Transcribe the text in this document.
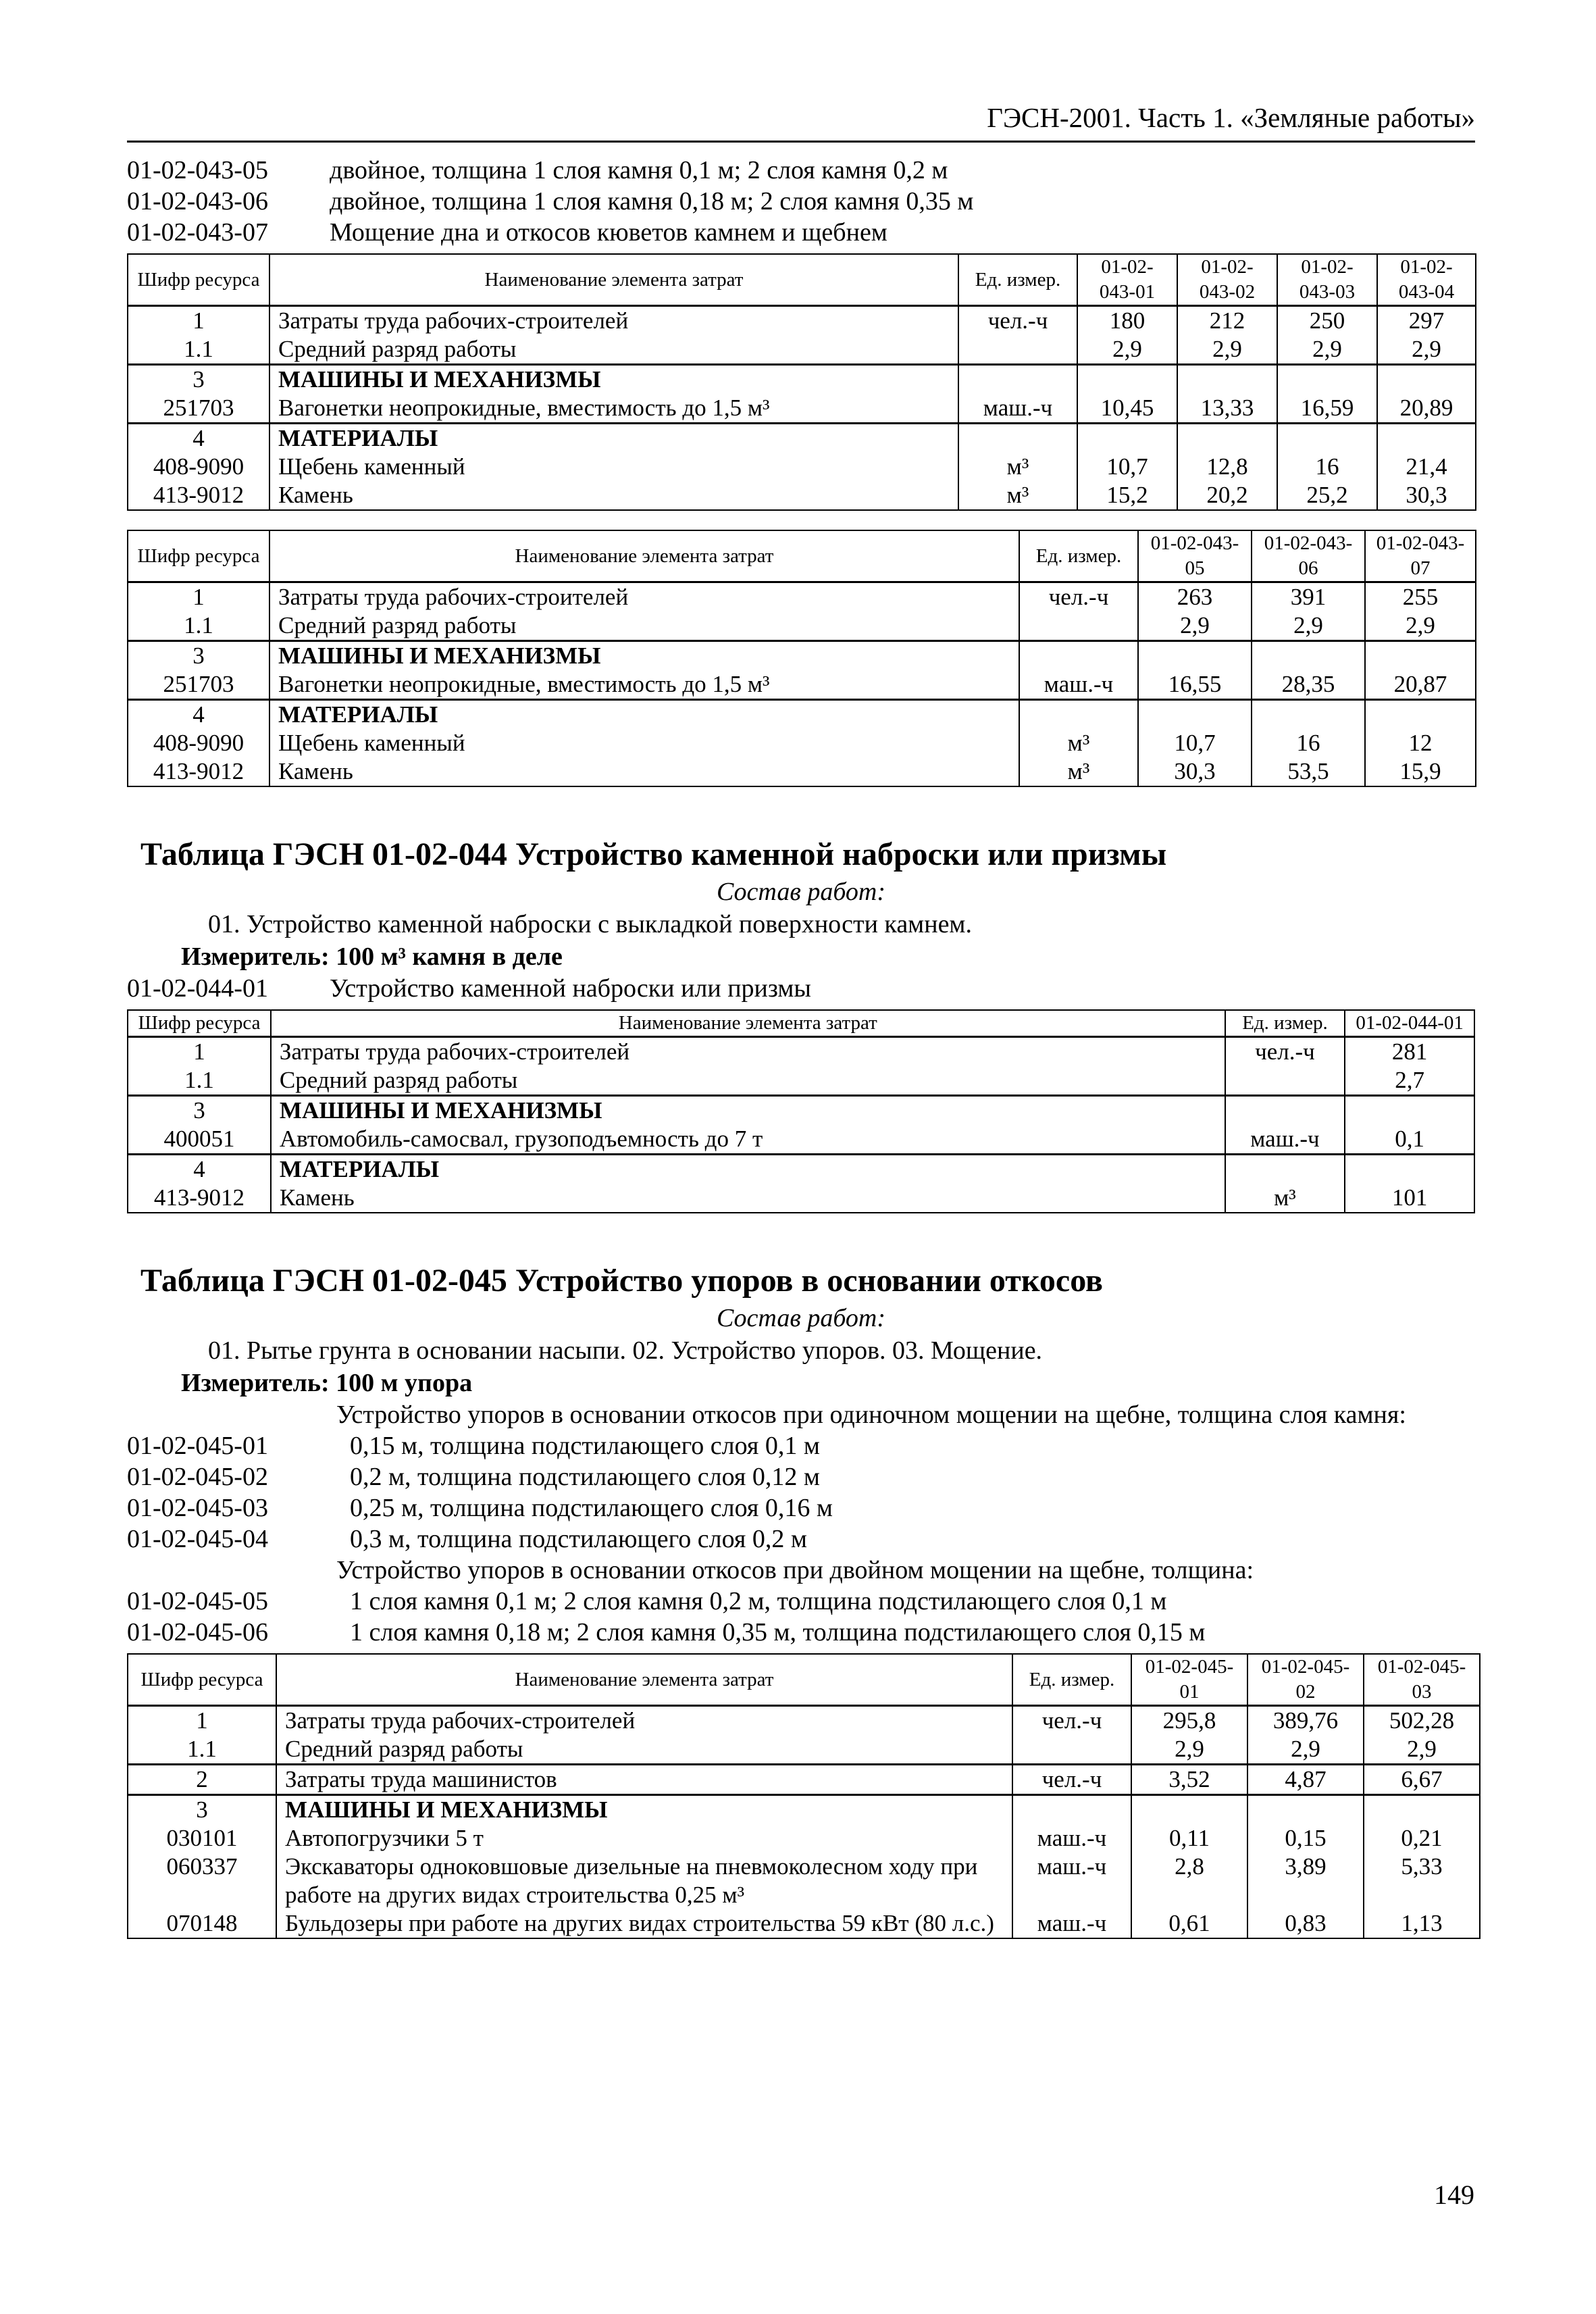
ГЭСН-2001. Часть 1. «Земляные работы»
01-02-043-05 двойное, толщина 1 слоя камня 0,1 м; 2 слоя камня 0,2 м
01-02-043-06 двойное, толщина 1 слоя камня 0,18 м; 2 слоя камня 0,35 м
01-02-043-07 Мощение дна и откосов кюветов камнем и щебнем
Шифр ресурса	Наименование элемента затрат	Ед. измер.	01-02-043-01	01-02-043-02	01-02-043-03	01-02-043-04
1	Затраты труда рабочих-строителей	чел.-ч	180	212	250	297
1.1	Средний разряд работы		2,9	2,9	2,9	2,9
3	МАШИНЫ И МЕХАНИЗМЫ					
251703	Вагонетки неопрокидные, вместимость до 1,5 м³	маш.-ч	10,45	13,33	16,59	20,89
4	МАТЕРИАЛЫ					
408-9090	Щебень каменный	м³	10,7	12,8	16	21,4
413-9012	Камень	м³	15,2	20,2	25,2	30,3
Шифр ресурса	Наименование элемента затрат	Ед. измер.	01-02-043-05	01-02-043-06	01-02-043-07
1	Затраты труда рабочих-строителей	чел.-ч	263	391	255
1.1	Средний разряд работы		2,9	2,9	2,9
3	МАШИНЫ И МЕХАНИЗМЫ				
251703	Вагонетки неопрокидные, вместимость до 1,5 м³	маш.-ч	16,55	28,35	20,87
4	МАТЕРИАЛЫ				
408-9090	Щебень каменный	м³	10,7	16	12
413-9012	Камень	м³	30,3	53,5	15,9
Таблица ГЭСН 01-02-044 Устройство каменной наброски или призмы
Состав работ:
01. Устройство каменной наброски с выкладкой поверхности камнем.
Измеритель: 100 м³ камня в деле
01-02-044-01 Устройство каменной наброски или призмы
Шифр ресурса	Наименование элемента затрат	Ед. измер.	01-02-044-01
1	Затраты труда рабочих-строителей	чел.-ч	281
1.1	Средний разряд работы		2,7
3	МАШИНЫ И МЕХАНИЗМЫ		
400051	Автомобиль-самосвал, грузоподъемность до 7 т	маш.-ч	0,1
4	МАТЕРИАЛЫ		
413-9012	Камень	м³	101
Таблица ГЭСН 01-02-045 Устройство упоров в основании откосов
Состав работ:
01. Рытье грунта в основании насыпи. 02. Устройство упоров. 03. Мощение.
Измеритель: 100 м упора
Устройство упоров в основании откосов при одиночном мощении на щебне, толщина слоя камня:
01-02-045-01	0,15 м, толщина подстилающего слоя 0,1 м
01-02-045-02	0,2 м, толщина подстилающего слоя 0,12 м
01-02-045-03	0,25 м, толщина подстилающего слоя 0,16 м
01-02-045-04	0,3 м, толщина подстилающего слоя 0,2 м
Устройство упоров в основании откосов при двойном мощении на щебне, толщина:
01-02-045-05	1 слоя камня 0,1 м; 2 слоя камня 0,2 м, толщина подстилающего слоя 0,1 м
01-02-045-06	1 слоя камня 0,18 м; 2 слоя камня 0,35 м, толщина подстилающего слоя 0,15 м
Шифр ресурса	Наименование элемента затрат	Ед. измер.	01-02-045-01	01-02-045-02	01-02-045-03
1	Затраты труда рабочих-строителей	чел.-ч	295,8	389,76	502,28
1.1	Средний разряд работы		2,9	2,9	2,9
2	Затраты труда машинистов	чел.-ч	3,52	4,87	6,67
3	МАШИНЫ И МЕХАНИЗМЫ				
030101	Автопогрузчики 5 т	маш.-ч	0,11	0,15	0,21
060337	Экскаваторы одноковшовые дизельные на пневмоколесном ходу при работе на других видах строительства 0,25 м³	маш.-ч	2,8	3,89	5,33
070148	Бульдозеры при работе на других видах строительства 59 кВт (80 л.с.)	маш.-ч	0,61	0,83	1,13
149
